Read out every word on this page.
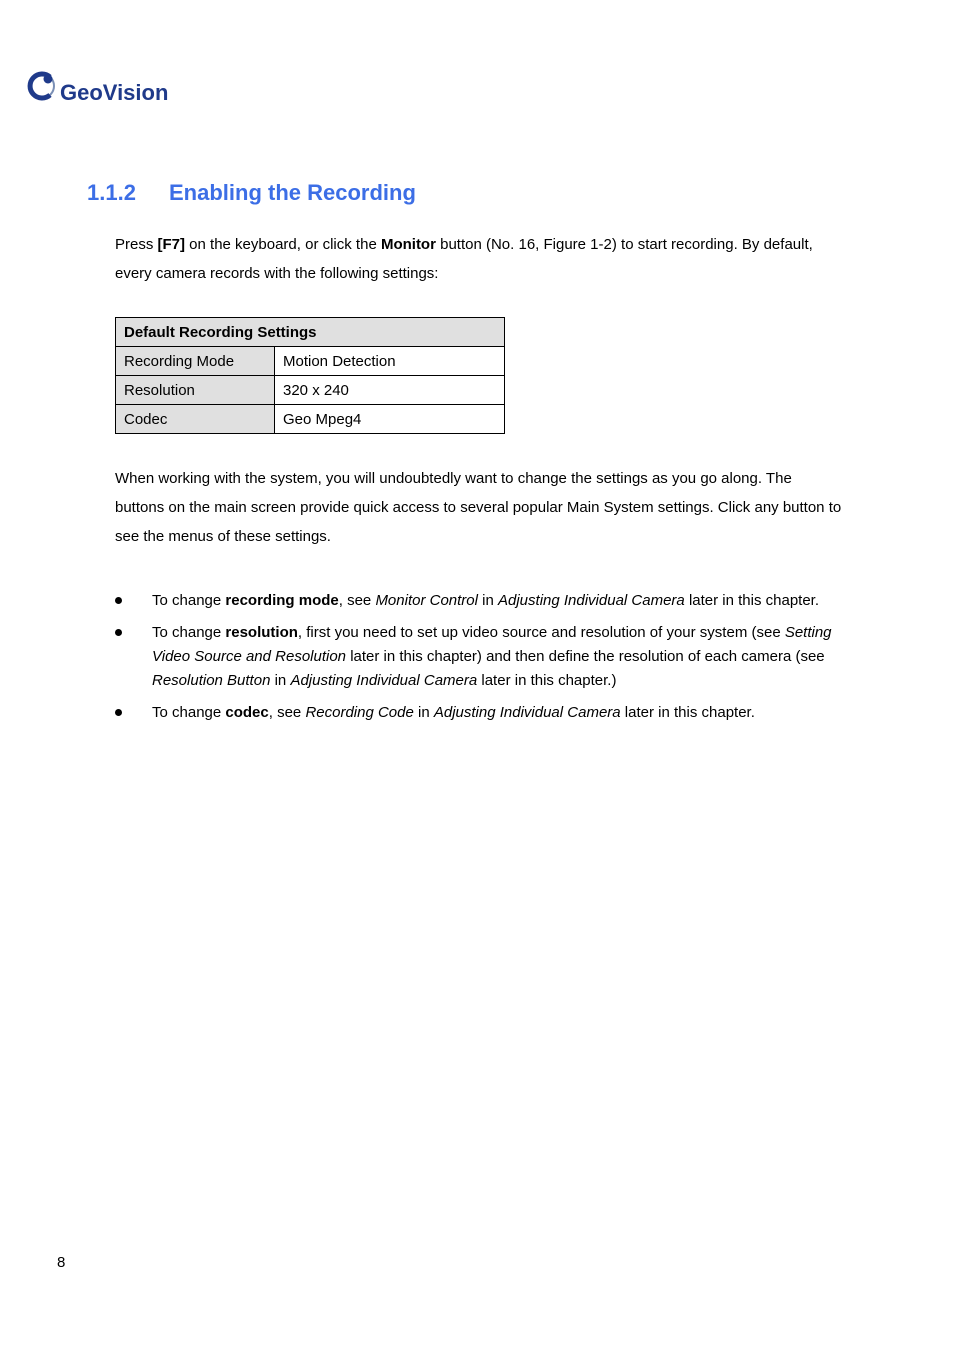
GeoVision
1.1.2 Enabling the Recording

Press [F7] on the keyboard, or click the Monitor button (No. 16, Figure 1-2) to start recording. By default, every camera records with the following settings:

Default Recording Settings	
Recording Mode	Motion Detection
Resolution	320 x 240
Codec	Geo Mpeg4

When working with the system, you will undoubtedly want to change the settings as you go along. The buttons on the main screen provide quick access to several popular Main System settings. Click any button to see the menus of these settings.

To change recording mode, see Monitor Control in Adjusting Individual Camera later in this chapter.
To change resolution, first you need to set up video source and resolution of your system (see Setting Video Source and Resolution later in this chapter) and then define the resolution of each camera (see Resolution Button in Adjusting Individual Camera later in this chapter.)
To change codec, see Recording Code in Adjusting Individual Camera later in this chapter.
8
